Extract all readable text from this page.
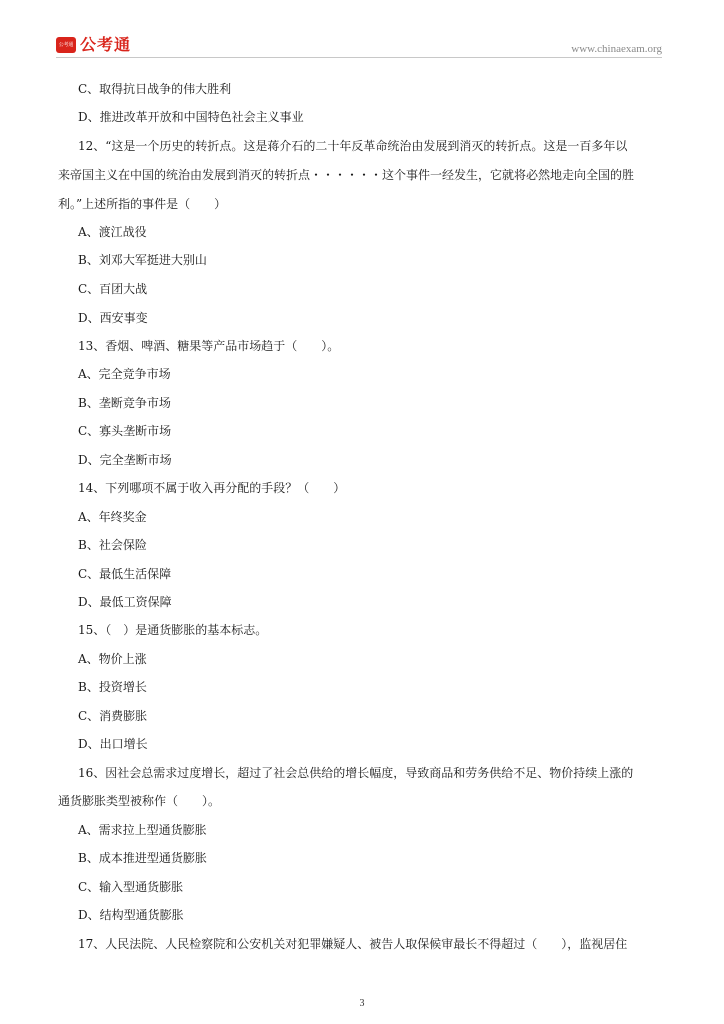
公考通 公考通	www.chinaexam.org
C、取得抗日战争的伟大胜利
D、推进改革开放和中国特色社会主义事业
12、“这是一个历史的转折点。这是蒋介石的二十年反革命统治由发展到消灭的转折点。这是一百多年以
来帝国主义在中国的统治由发展到消灭的转折点・・・・・・这个事件一经发生，它就将必然地走向全国的胜
利。”上述所指的事件是（　　）
A、渡江战役
B、刘邓大军挺进大别山
C、百团大战
D、西安事变
13、香烟、啤酒、糖果等产品市场趋于（　　）。
A、完全竞争市场
B、垄断竞争市场
C、寡头垄断市场
D、完全垄断市场
14、下列哪项不属于收入再分配的手段？（　　）
A、年终奖金
B、社会保险
C、最低生活保障
D、最低工资保障
15、（　）是通货膨胀的基本标志。
A、物价上涨
B、投资增长
C、消费膨胀
D、出口增长
16、因社会总需求过度增长，超过了社会总供给的增长幅度，导致商品和劳务供给不足、物价持续上涨的
通货膨胀类型被称作（　　）。
A、需求拉上型通货膨胀
B、成本推进型通货膨胀
C、输入型通货膨胀
D、结构型通货膨胀
17、人民法院、人民检察院和公安机关对犯罪嫌疑人、被告人取保候审最长不得超过（　　），监视居住
3
